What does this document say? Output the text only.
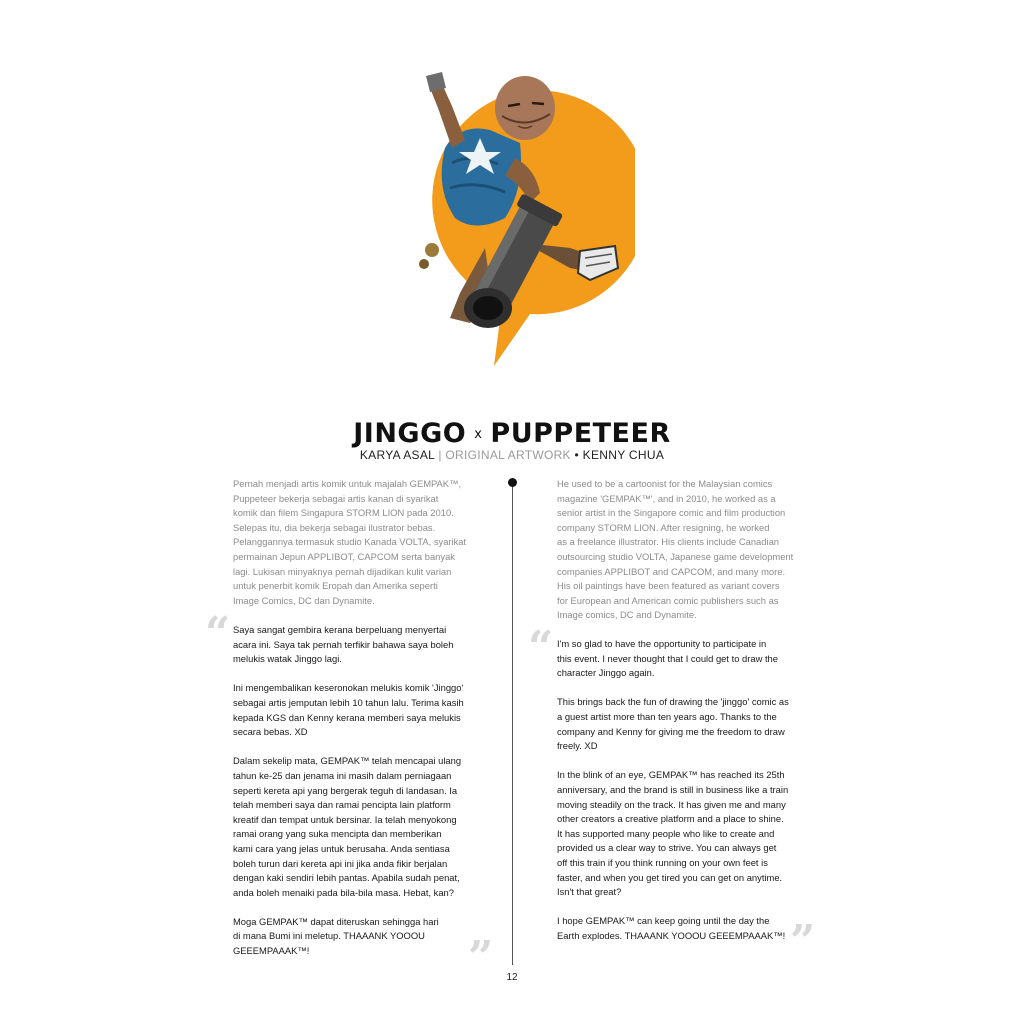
JINGGO x PUPPETEER
KARYA ASAL | ORIGINAL ARTWORK • KENNY CHUA
Pernah menjadi artis komik untuk majalah GEMPAK™,
Puppeteer bekerja sebagai artis kanan di syarikat
komik dan filem Singapura STORM LION pada 2010.
Selepas itu, dia bekerja sebagai ilustrator bebas.
Pelanggannya termasuk studio Kanada VOLTA, syarikat
permainan Jepun APPLIBOT, CAPCOM serta banyak
lagi. Lukisan minyaknya pernah dijadikan kulit varian
untuk penerbit komik Eropah dan Amerika seperti
Image Comics, DC dan Dynamite.
He used to be a cartoonist for the Malaysian comics
magazine 'GEMPAK™', and in 2010, he worked as a
senior artist in the Singapore comic and film production
company STORM LION. After resigning, he worked
as a freelance illustrator. His clients include Canadian
outsourcing studio VOLTA, Japanese game development
companies APPLIBOT and CAPCOM, and many more.
His oil paintings have been featured as variant covers
for European and American comic publishers such as
Image comics, DC and Dynamite.
“
”
“
”

Saya sangat gembira kerana berpeluang menyertai
acara ini. Saya tak pernah terfikir bahawa saya boleh
melukis watak Jinggo lagi.

Ini mengembalikan keseronokan melukis komik 'Jinggo'
sebagai artis jemputan lebih 10 tahun lalu. Terima kasih
kepada KGS dan Kenny kerana memberi saya melukis
secara bebas. XD

Dalam sekelip mata, GEMPAK™ telah mencapai ulang
tahun ke-25 dan jenama ini masih dalam perniagaan
seperti kereta api yang bergerak teguh di landasan. Ia
telah memberi saya dan ramai pencipta lain platform
kreatif dan tempat untuk bersinar. Ia telah menyokong
ramai orang yang suka mencipta dan memberikan
kami cara yang jelas untuk berusaha. Anda sentiasa
boleh turun dari kereta api ini jika anda fikir berjalan
dengan kaki sendiri lebih pantas. Apabila sudah penat,
anda boleh menaiki pada bila-bila masa. Hebat, kan?

Moga GEMPAK™ dapat diteruskan sehingga hari
di mana Bumi ini meletup. THAAANK YOOOU
GEEEMPAAAK™!

I'm so glad to have the opportunity to participate in
this event. I never thought that I could get to draw the
character Jinggo again.

This brings back the fun of drawing the 'jinggo' comic as
a guest artist more than ten years ago. Thanks to the
company and Kenny for giving me the freedom to draw
freely. XD

In the blink of an eye, GEMPAK™ has reached its 25th
anniversary, and the brand is still in business like a train
moving steadily on the track. It has given me and many
other creators a creative platform and a place to shine.
It has supported many people who like to create and
provided us a clear way to strive. You can always get
off this train if you think running on your own feet is
faster, and when you get tired you can get on anytime.
Isn't that great?

I hope GEMPAK™ can keep going until the day the
Earth explodes. THAAANK YOOOU GEEEMPAAAK™!

12
